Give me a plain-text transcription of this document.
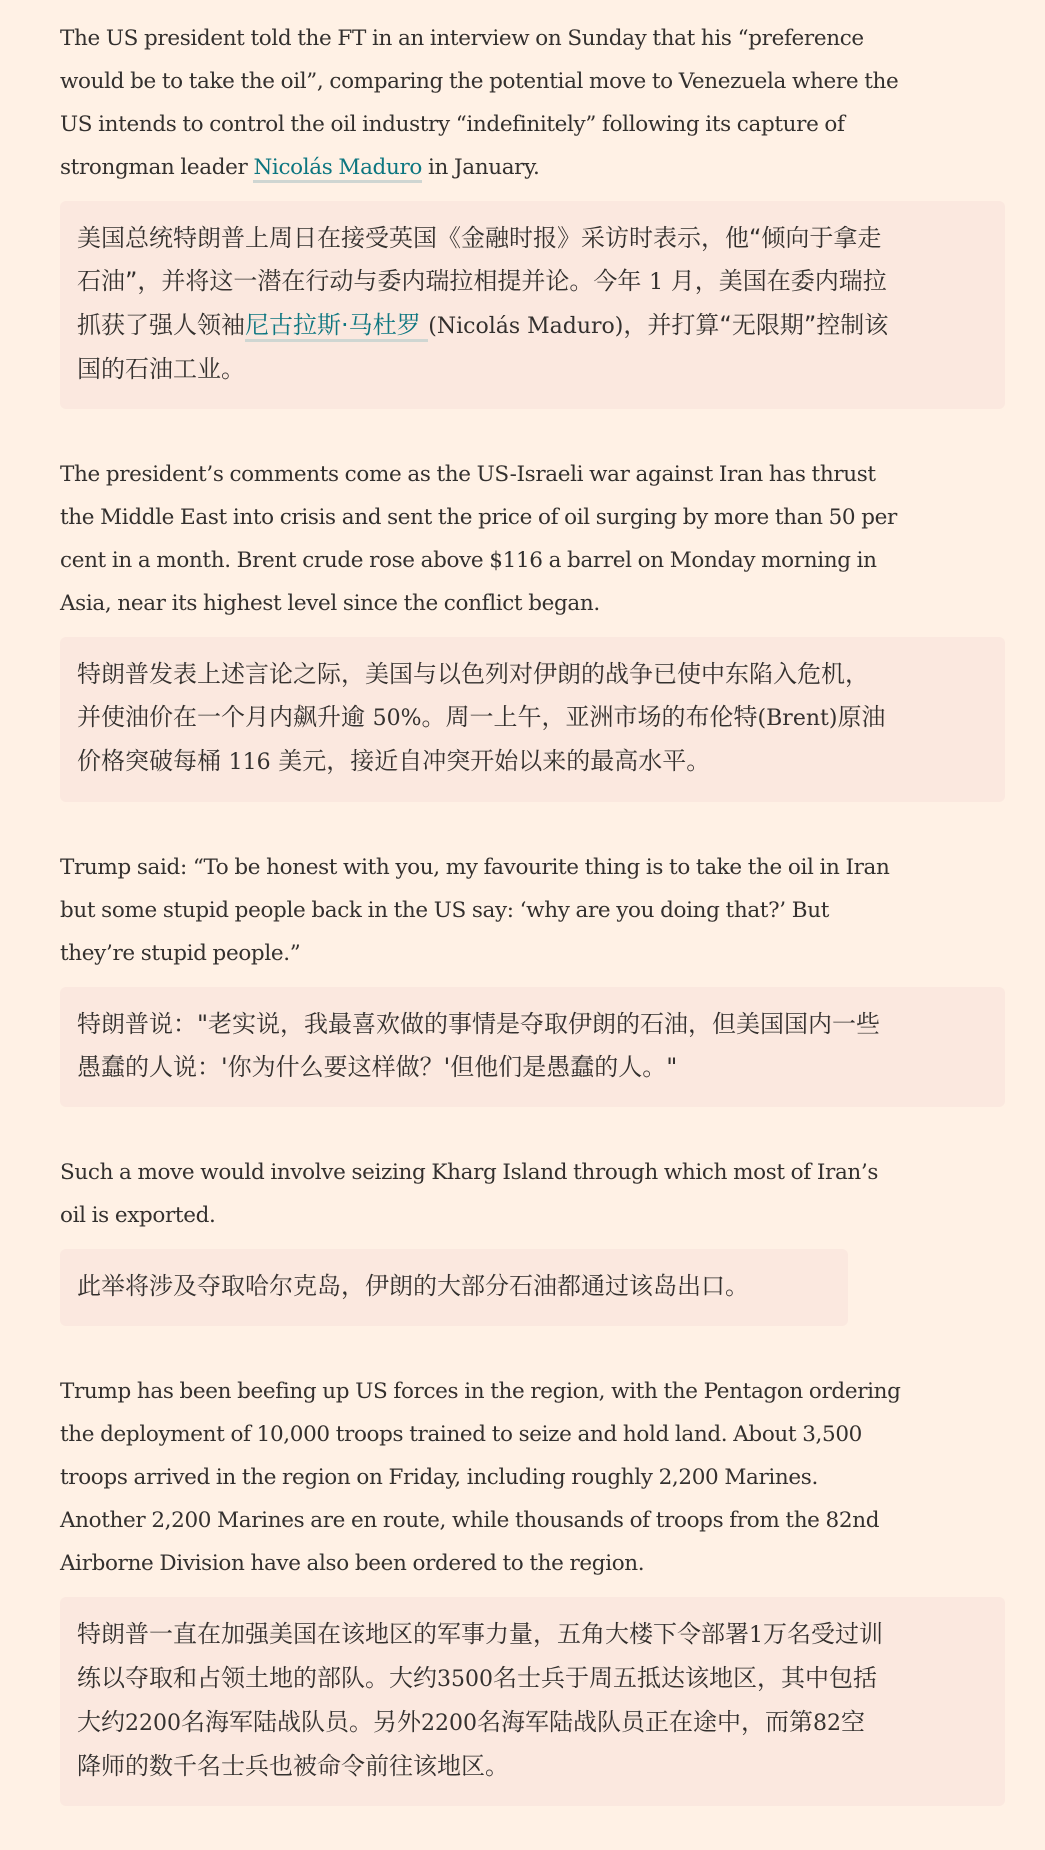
The US president told the FT in an interview on Sunday that his “preference
would be to take the oil”, comparing the potential move to Venezuela where the
US intends to control the oil industry “indefinitely” following its capture of
strongman leader Nicolás Maduro in January.

美国总统特朗普上周日在接受英国《金融时报》采访时表示，他“倾向于拿走
石油”，并将这一潜在行动与委内瑞拉相提并论。今年 1 月，美国在委内瑞拉
抓获了强人领袖尼古拉斯·马杜罗 (Nicolás Maduro)，并打算“无限期”控制该
国的石油工业。

The president’s comments come as the US-Israeli war against Iran has thrust
the Middle East into crisis and sent the price of oil surging by more than 50 per
cent in a month. Brent crude rose above $116 a barrel on Monday morning in
Asia, near its highest level since the conflict began.

特朗普发表上述言论之际，美国与以色列对伊朗的战争已使中东陷入危机，
并使油价在一个月内飙升逾 50%。周一上午，亚洲市场的布伦特(Brent)原油
价格突破每桶 116 美元，接近自冲突开始以来的最高水平。

Trump said: “To be honest with you, my favourite thing is to take the oil in Iran
but some stupid people back in the US say: ‘why are you doing that?’ But
they’re stupid people.”

特朗普说："老实说，我最喜欢做的事情是夺取伊朗的石油，但美国国内一些
愚蠢的人说：'你为什么要这样做？'但他们是愚蠢的人。"

Such a move would involve seizing Kharg Island through which most of Iran’s
oil is exported.

此举将涉及夺取哈尔克岛，伊朗的大部分石油都通过该岛出口。

Trump has been beefing up US forces in the region, with the Pentagon ordering
the deployment of 10,000 troops trained to seize and hold land. About 3,500
troops arrived in the region on Friday, including roughly 2,200 Marines.
Another 2,200 Marines are en route, while thousands of troops from the 82nd
Airborne Division have also been ordered to the region.

特朗普一直在加强美国在该地区的军事力量，五角大楼下令部署1万名受过训
练以夺取和占领土地的部队。大约3500名士兵于周五抵达该地区，其中包括
大约2200名海军陆战队员。另外2200名海军陆战队员正在途中，而第82空
降师的数千名士兵也被命令前往该地区。
